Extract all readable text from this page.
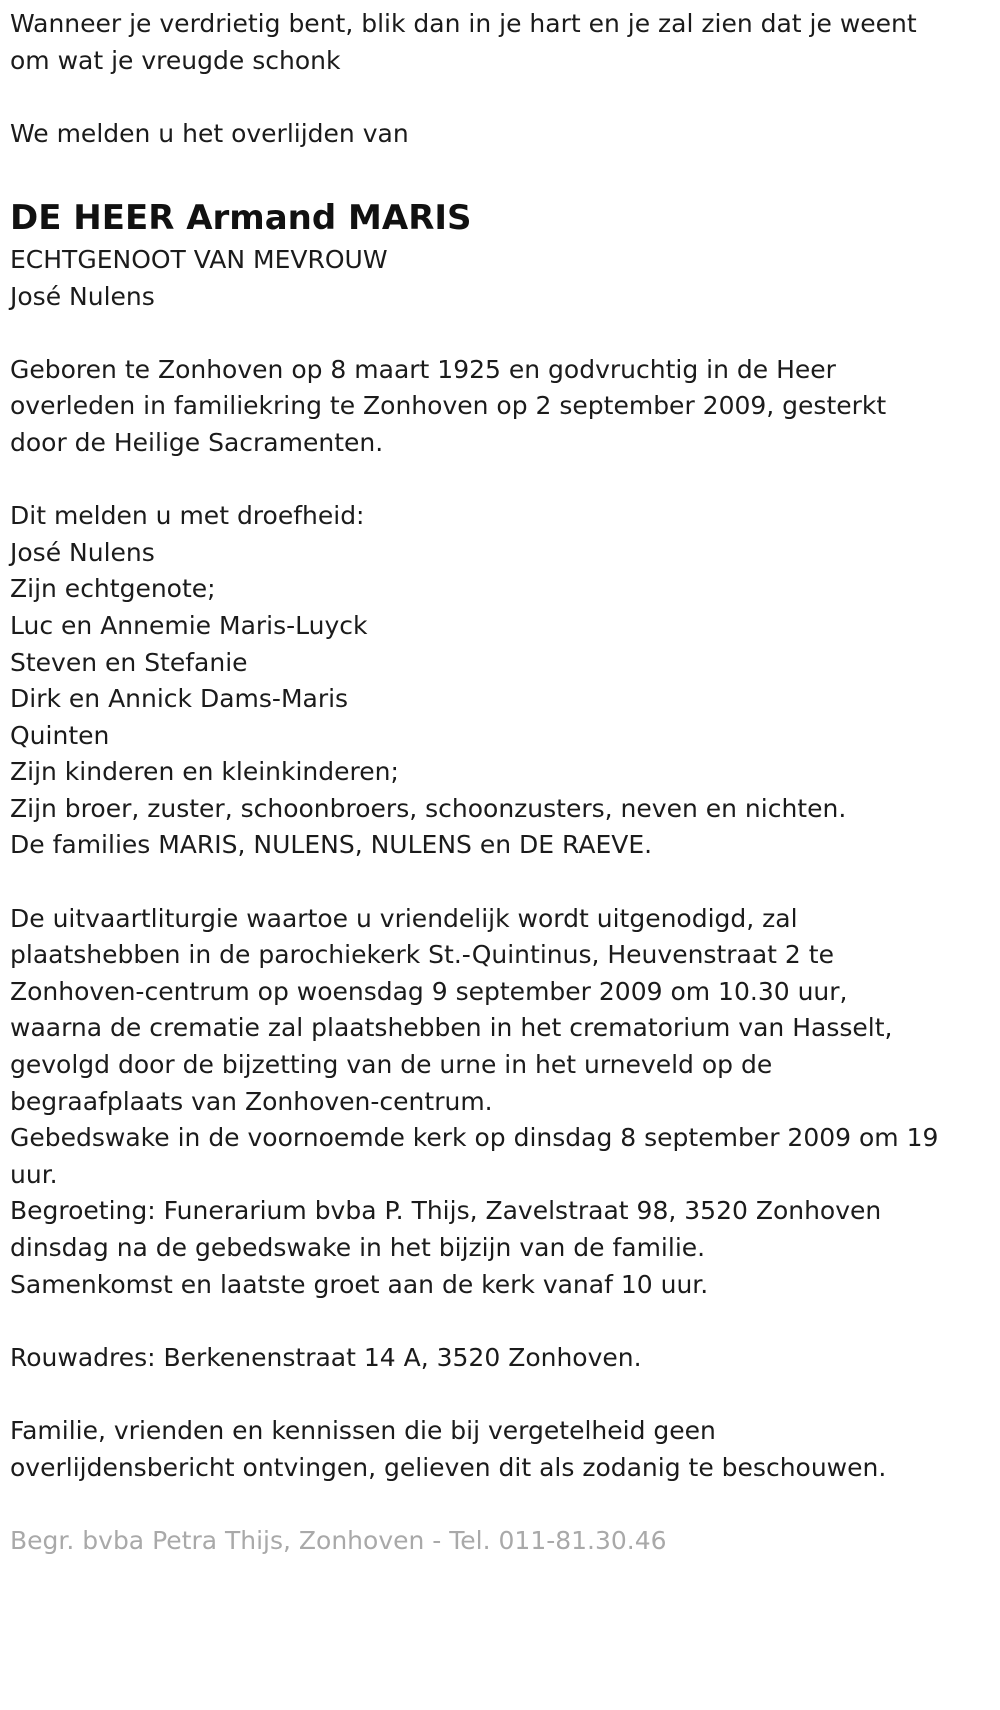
Wanneer je verdrietig bent, blik dan in je hart en je zal zien dat je weent
om wat je vreugde schonk
We melden u het overlijden van
DE HEER Armand MARIS
ECHTGENOOT VAN MEVROUW
José Nulens
Geboren te Zonhoven op 8 maart 1925 en godvruchtig in de Heer
overleden in familiekring te Zonhoven op 2 september 2009, gesterkt
door de Heilige Sacramenten.
Dit melden u met droefheid:
José Nulens
Zijn echtgenote;
Luc en Annemie Maris-Luyck
Steven en Stefanie
Dirk en Annick Dams-Maris
Quinten
Zijn kinderen en kleinkinderen;
Zijn broer, zuster, schoonbroers, schoonzusters, neven en nichten.
De families MARIS, NULENS, NULENS en DE RAEVE.
De uitvaartliturgie waartoe u vriendelijk wordt uitgenodigd, zal
plaatshebben in de parochiekerk St.-Quintinus, Heuvenstraat 2 te
Zonhoven-centrum op woensdag 9 september 2009 om 10.30 uur,
waarna de crematie zal plaatshebben in het crematorium van Hasselt,
gevolgd door de bijzetting van de urne in het urneveld op de
begraafplaats van Zonhoven-centrum.
Gebedswake in de voornoemde kerk op dinsdag 8 september 2009 om 19
uur.
Begroeting: Funerarium bvba P. Thijs, Zavelstraat 98, 3520 Zonhoven
dinsdag na de gebedswake in het bijzijn van de familie.
Samenkomst en laatste groet aan de kerk vanaf 10 uur.
Rouwadres: Berkenenstraat 14 A, 3520 Zonhoven.
Familie, vrienden en kennissen die bij vergetelheid geen
overlijdensbericht ontvingen, gelieven dit als zodanig te beschouwen.
Begr. bvba Petra Thijs, Zonhoven - Tel. 011-81.30.46
